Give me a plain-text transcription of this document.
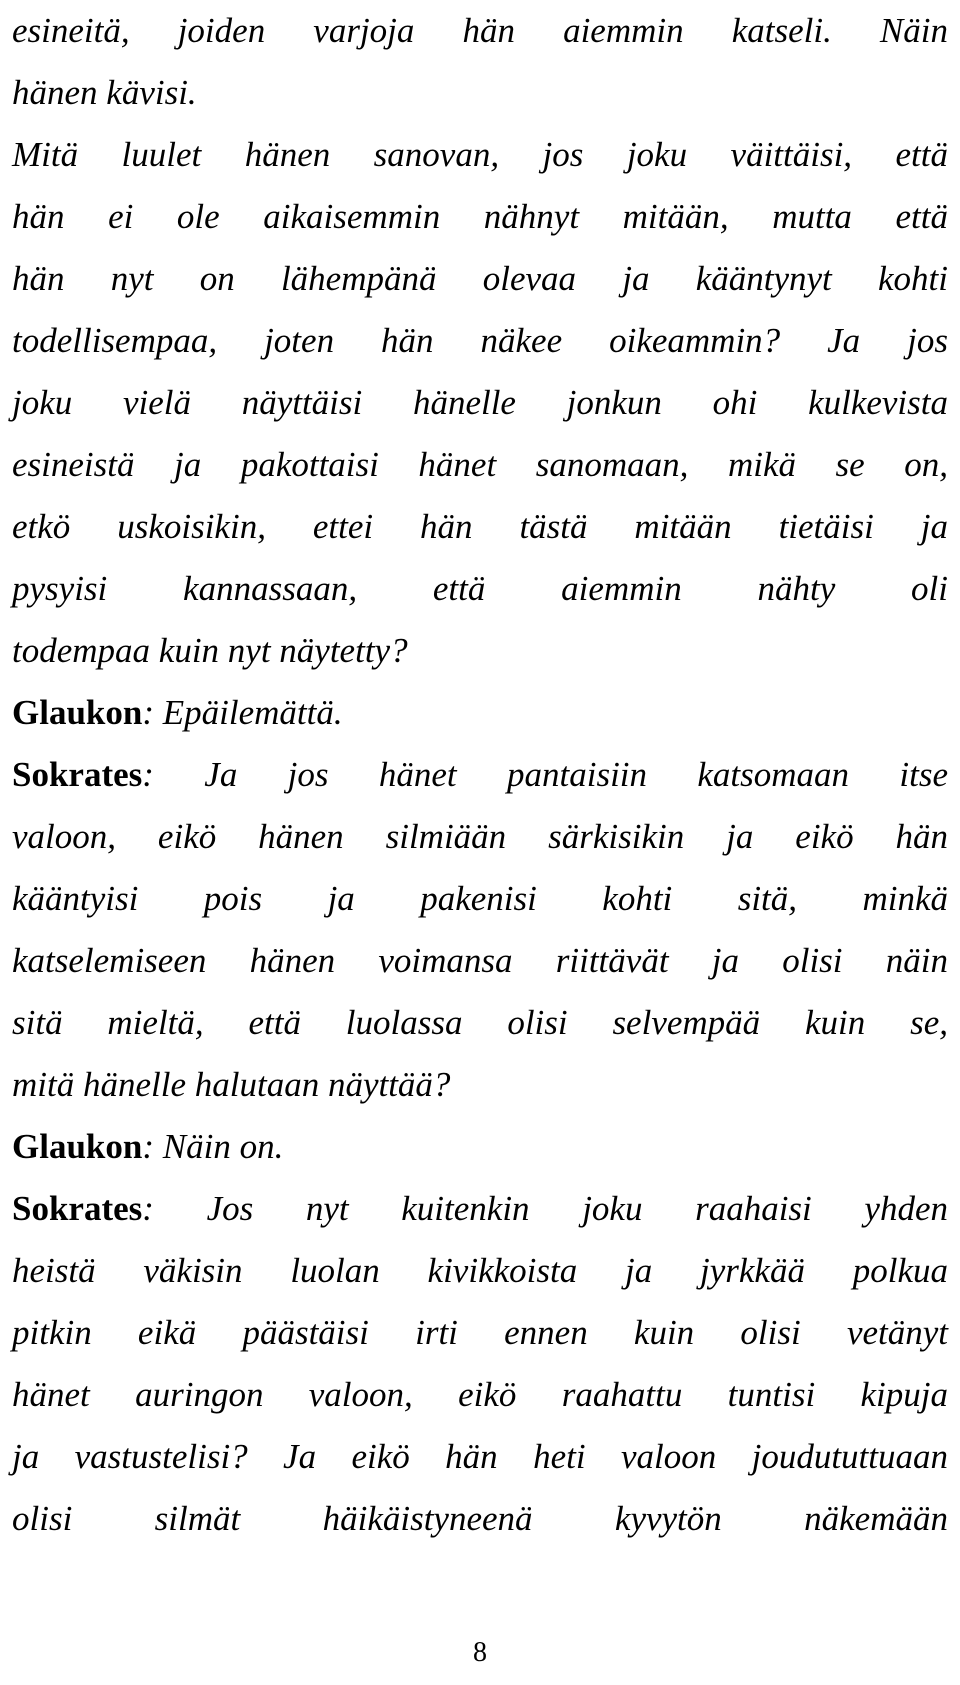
esineitä, joiden varjoja hän aiemmin katseli. Näin
hänen kävisi.
Mitä luulet hänen sanovan, jos joku väittäisi, että
hän ei ole aikaisemmin nähnyt mitään, mutta että
hän nyt on lähempänä olevaa ja kääntynyt kohti
todellisempaa, joten hän näkee oikeammin? Ja jos
joku vielä näyttäisi hänelle jonkun ohi kulkevista
esineistä ja pakottaisi hänet sanomaan, mikä se on,
etkö uskoisikin, ettei hän tästä mitään tietäisi ja
pysyisi kannassaan, että aiemmin nähty oli
todempaa kuin nyt näytetty?
Glaukon: Epäilemättä.
Sokrates: Ja jos hänet pantaisiin katsomaan itse
valoon, eikö hänen silmiään särkisikin ja eikö hän
kääntyisi pois ja pakenisi kohti sitä, minkä
katselemiseen hänen voimansa riittävät ja olisi näin
sitä mieltä, että luolassa olisi selvempää kuin se,
mitä hänelle halutaan näyttää?
Glaukon: Näin on.
Sokrates: Jos nyt kuitenkin joku raahaisi yhden
heistä väkisin luolan kivikkoista ja jyrkkää polkua
pitkin eikä päästäisi irti ennen kuin olisi vetänyt
hänet auringon valoon, eikö raahattu tuntisi kipuja
ja vastustelisi? Ja eikö hän heti valoon joudututtuaan
olisi silmät häikäistyneenä kyvytön näkemään
8
